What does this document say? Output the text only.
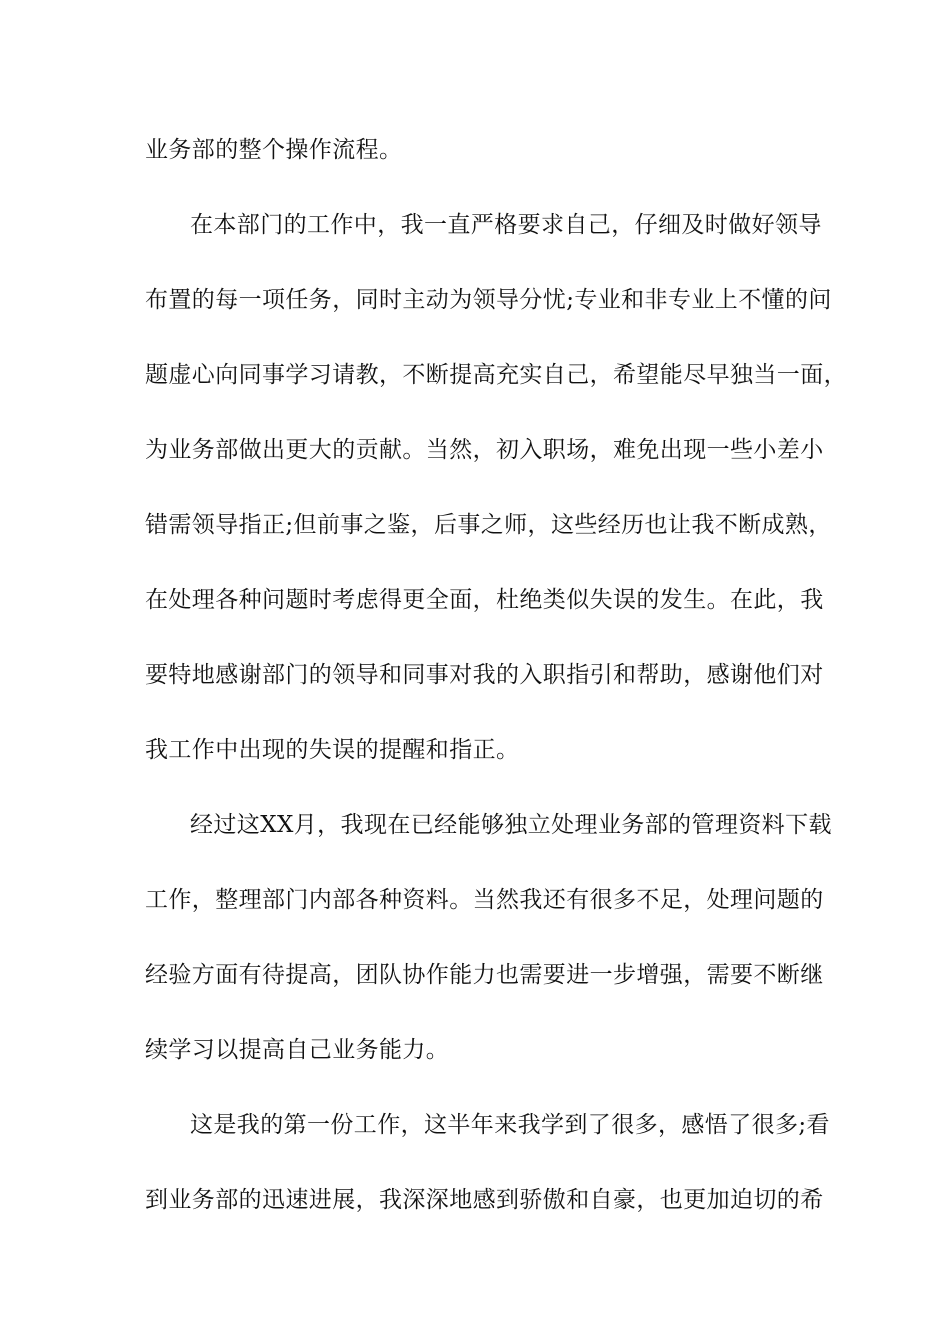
业务部的整个操作流程。
在本部门的工作中，我一直严格要求自己，仔细及时做好领导
布置的每一项任务，同时主动为领导分忧;专业和非专业上不懂的问
题虚心向同事学习请教，不断提高充实自己，希望能尽早独当一面，
为业务部做出更大的贡献。当然，初入职场，难免出现一些小差小
错需领导指正;但前事之鉴，后事之师，这些经历也让我不断成熟，
在处理各种问题时考虑得更全面，杜绝类似失误的发生。在此，我
要特地感谢部门的领导和同事对我的入职指引和帮助，感谢他们对
我工作中出现的失误的提醒和指正。
经过这XX月，我现在已经能够独立处理业务部的管理资料下载
工作，整理部门内部各种资料。当然我还有很多不足，处理问题的
经验方面有待提高，团队协作能力也需要进一步增强，需要不断继
续学习以提高自己业务能力。
这是我的第一份工作，这半年来我学到了很多，感悟了很多;看
到业务部的迅速进展，我深深地感到骄傲和自豪，也更加迫切的希
